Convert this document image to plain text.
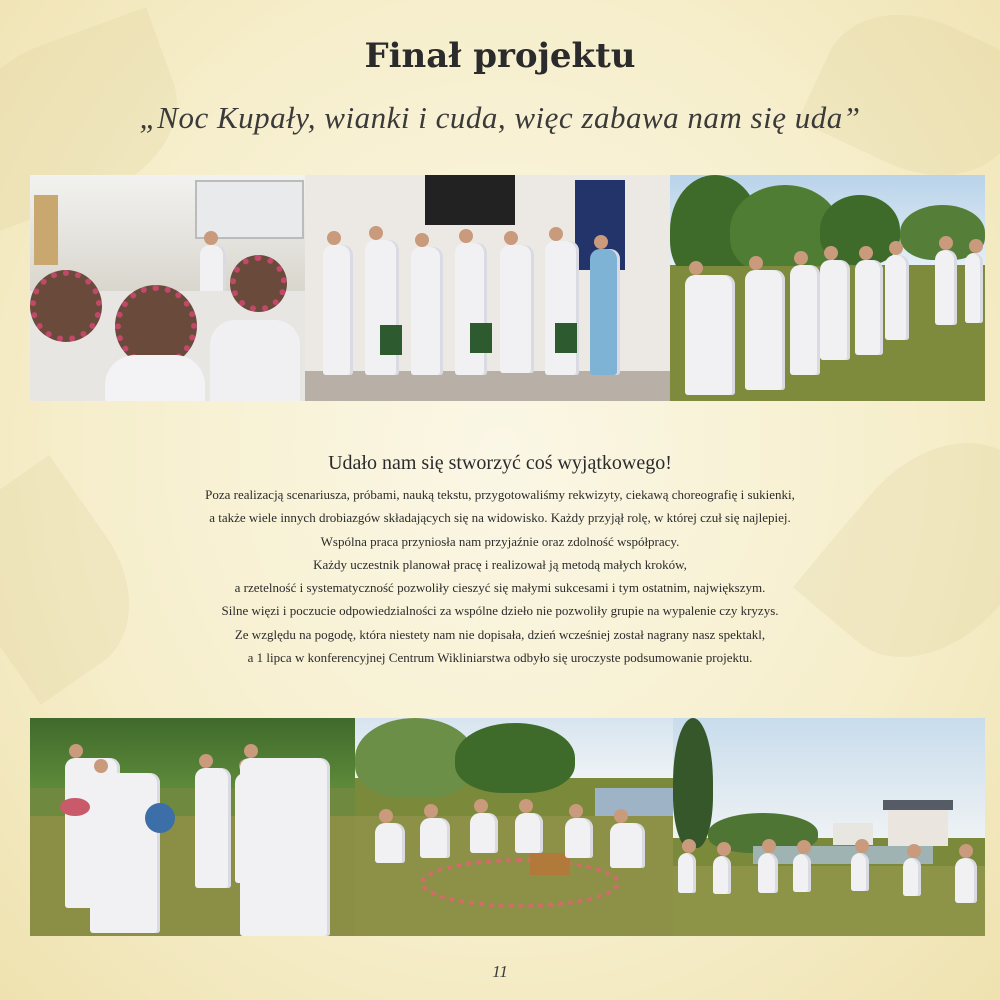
Finał projektu
„Noc Kupały, wianki i cuda, więc zabawa nam się uda”
Udało nam się stworzyć coś wyjątkowego!

Poza realizacją scenariusza, próbami, nauką tekstu, przygotowaliśmy rekwizyty, ciekawą choreografię i sukienki,

a także wiele innych drobiazgów składających się na widowisko. Każdy przyjął rolę, w której czuł się najlepiej.

Wspólna praca przyniosła nam przyjaźnie oraz zdolność współpracy.

Każdy uczestnik planował pracę i realizował ją metodą małych kroków,

a rzetelność i systematyczność pozwoliły cieszyć się małymi sukcesami i tym ostatnim, największym.

Silne więzi i poczucie odpowiedzialności za wspólne dzieło nie pozwoliły grupie na wypalenie czy kryzys.

Ze względu na pogodę, która niestety nam nie dopisała, dzień wcześniej został nagrany nasz spektakl,

a 1 lipca w konferencyjnej Centrum Wikliniarstwa odbyło się uroczyste podsumowanie projektu.

11
